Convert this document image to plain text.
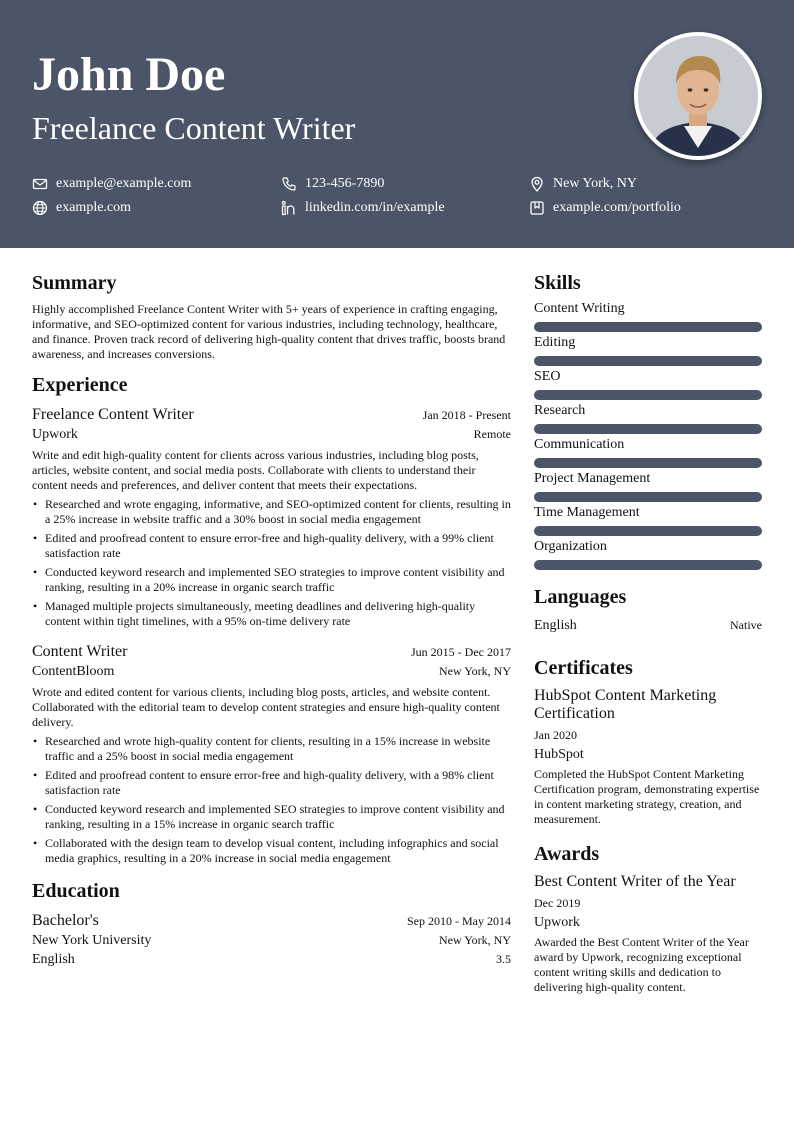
John Doe
Freelance Content Writer
example@example.com	123-456-7890	New York, NY
example.com	linkedin.com/in/example	example.com/portfolio
Summary

Highly accomplished Freelance Content Writer with 5+ years of experience in crafting engaging, informative, and SEO-optimized content for various industries, including technology, healthcare, and finance. Proven track record of delivering high-quality content that drives traffic, boosts brand awareness, and increases conversions.

Experience
Freelance Content Writer	Jan 2018 - Present
Upwork	Remote

Write and edit high-quality content for clients across various industries, including blog posts, articles, website content, and social media posts. Collaborate with clients to understand their content needs and preferences, and deliver content that meets their expectations.

• Researched and wrote engaging, informative, and SEO-optimized content for clients, resulting in a 25% increase in website traffic and a 30% boost in social media engagement
• Edited and proofread content to ensure error-free and high-quality delivery, with a 99% client satisfaction rate
• Conducted keyword research and implemented SEO strategies to improve content visibility and ranking, resulting in a 20% increase in organic search traffic
• Managed multiple projects simultaneously, meeting deadlines and delivering high-quality content within tight timelines, with a 95% on-time delivery rate
Content Writer	Jun 2015 - Dec 2017
ContentBloom	New York, NY

Wrote and edited content for various clients, including blog posts, articles, and website content. Collaborated with the editorial team to develop content strategies and ensure high-quality content delivery.

• Researched and wrote high-quality content for clients, resulting in a 15% increase in website traffic and a 25% boost in social media engagement
• Edited and proofread content to ensure error-free and high-quality delivery, with a 98% client satisfaction rate
• Conducted keyword research and implemented SEO strategies to improve content visibility and ranking, resulting in a 15% increase in organic search traffic
• Collaborated with the design team to develop visual content, including infographics and social media graphics, resulting in a 20% increase in social media engagement
Education
Bachelor's	Sep 2010 - May 2014
New York University	New York, NY
English	3.5
Skills
Content Writing
Editing
SEO
Research
Communication
Project Management
Time Management
Organization
Languages
English	Native
Certificates
HubSpot Content Marketing Certification
Jan 2020
HubSpot

Completed the HubSpot Content Marketing Certification program, demonstrating expertise in content marketing strategy, creation, and measurement.

Awards
Best Content Writer of the Year
Dec 2019
Upwork

Awarded the Best Content Writer of the Year award by Upwork, recognizing exceptional content writing skills and dedication to delivering high-quality content.
